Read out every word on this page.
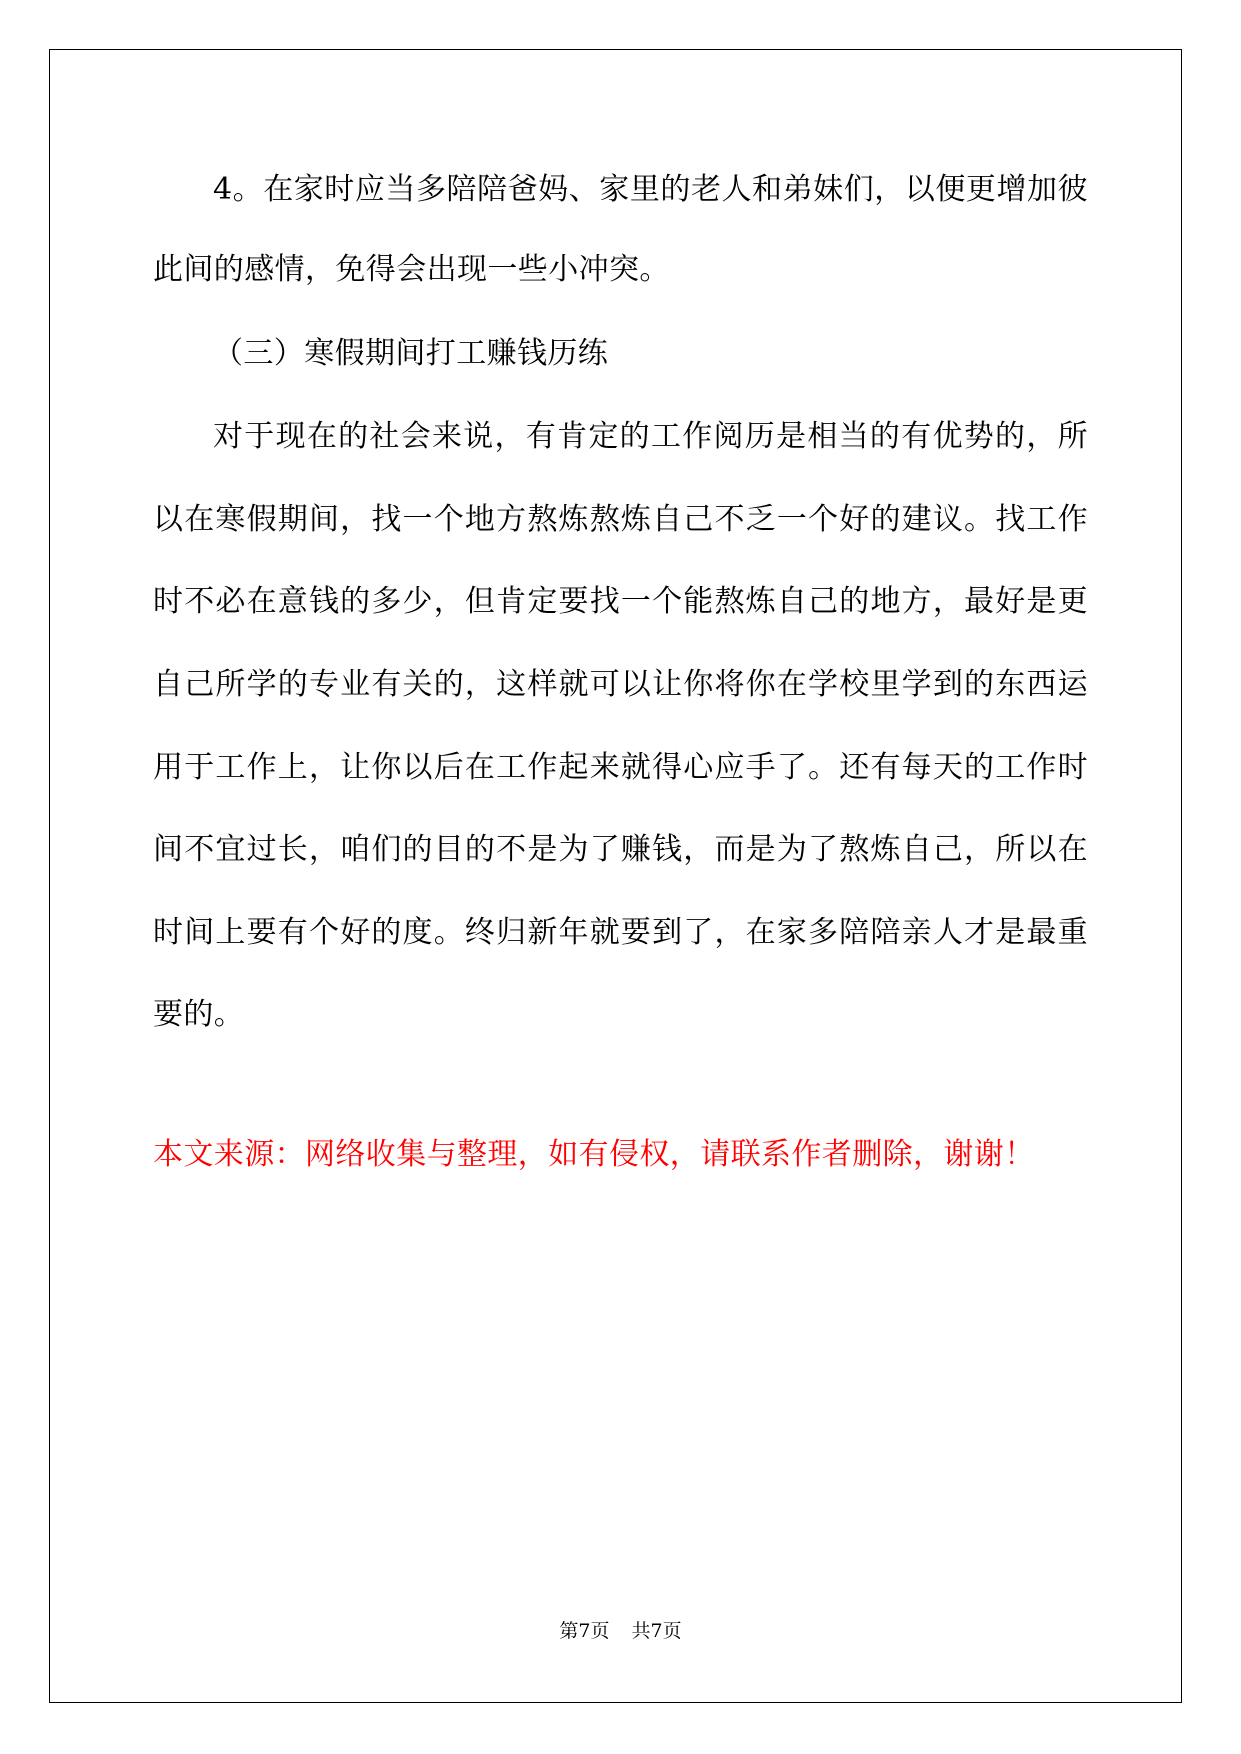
4。在家时应当多陪陪爸妈、家里的老人和弟妹们，以便更增加彼
此间的感情，免得会出现一些小冲突。
（三）寒假期间打工赚钱历练
对于现在的社会来说，有肯定的工作阅历是相当的有优势的，所
以在寒假期间，找一个地方熬炼熬炼自己不乏一个好的建议。找工作
时不必在意钱的多少，但肯定要找一个能熬炼自己的地方，最好是更
自己所学的专业有关的，这样就可以让你将你在学校里学到的东西运
用于工作上，让你以后在工作起来就得心应手了。还有每天的工作时
间不宜过长，咱们的目的不是为了赚钱，而是为了熬炼自己，所以在
时间上要有个好的度。终归新年就要到了，在家多陪陪亲人才是最重
要的。
本文来源：网络收集与整理，如有侵权，请联系作者删除，谢谢！
第7页 共7页
